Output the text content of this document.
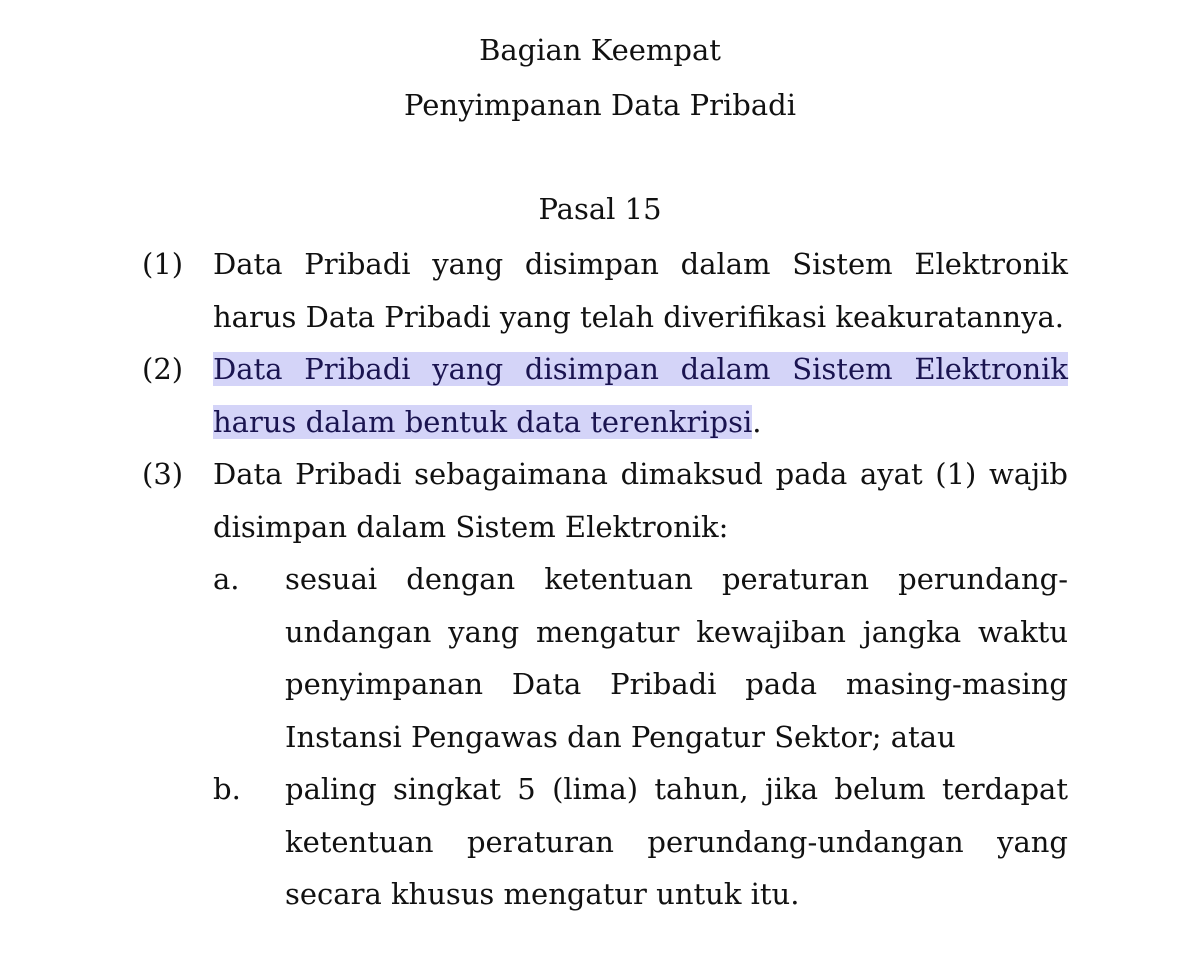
Bagian Keempat
Penyimpanan Data Pribadi
Pasal 15
(1) Data Pribadi yang disimpan dalam Sistem Elektronik harus Data Pribadi yang telah diverifikasi keakuratannya.
(2) Data Pribadi yang disimpan dalam Sistem Elektronik harus dalam bentuk data terenkripsi.
(3) Data Pribadi sebagaimana dimaksud pada ayat (1) wajib disimpan dalam Sistem Elektronik:
a. sesuai dengan ketentuan peraturan perundang-undangan yang mengatur kewajiban jangka waktu penyimpanan Data Pribadi pada masing-masing Instansi Pengawas dan Pengatur Sektor; atau
b. paling singkat 5 (lima) tahun, jika belum terdapat ketentuan peraturan perundang-undangan yang secara khusus mengatur untuk itu.
